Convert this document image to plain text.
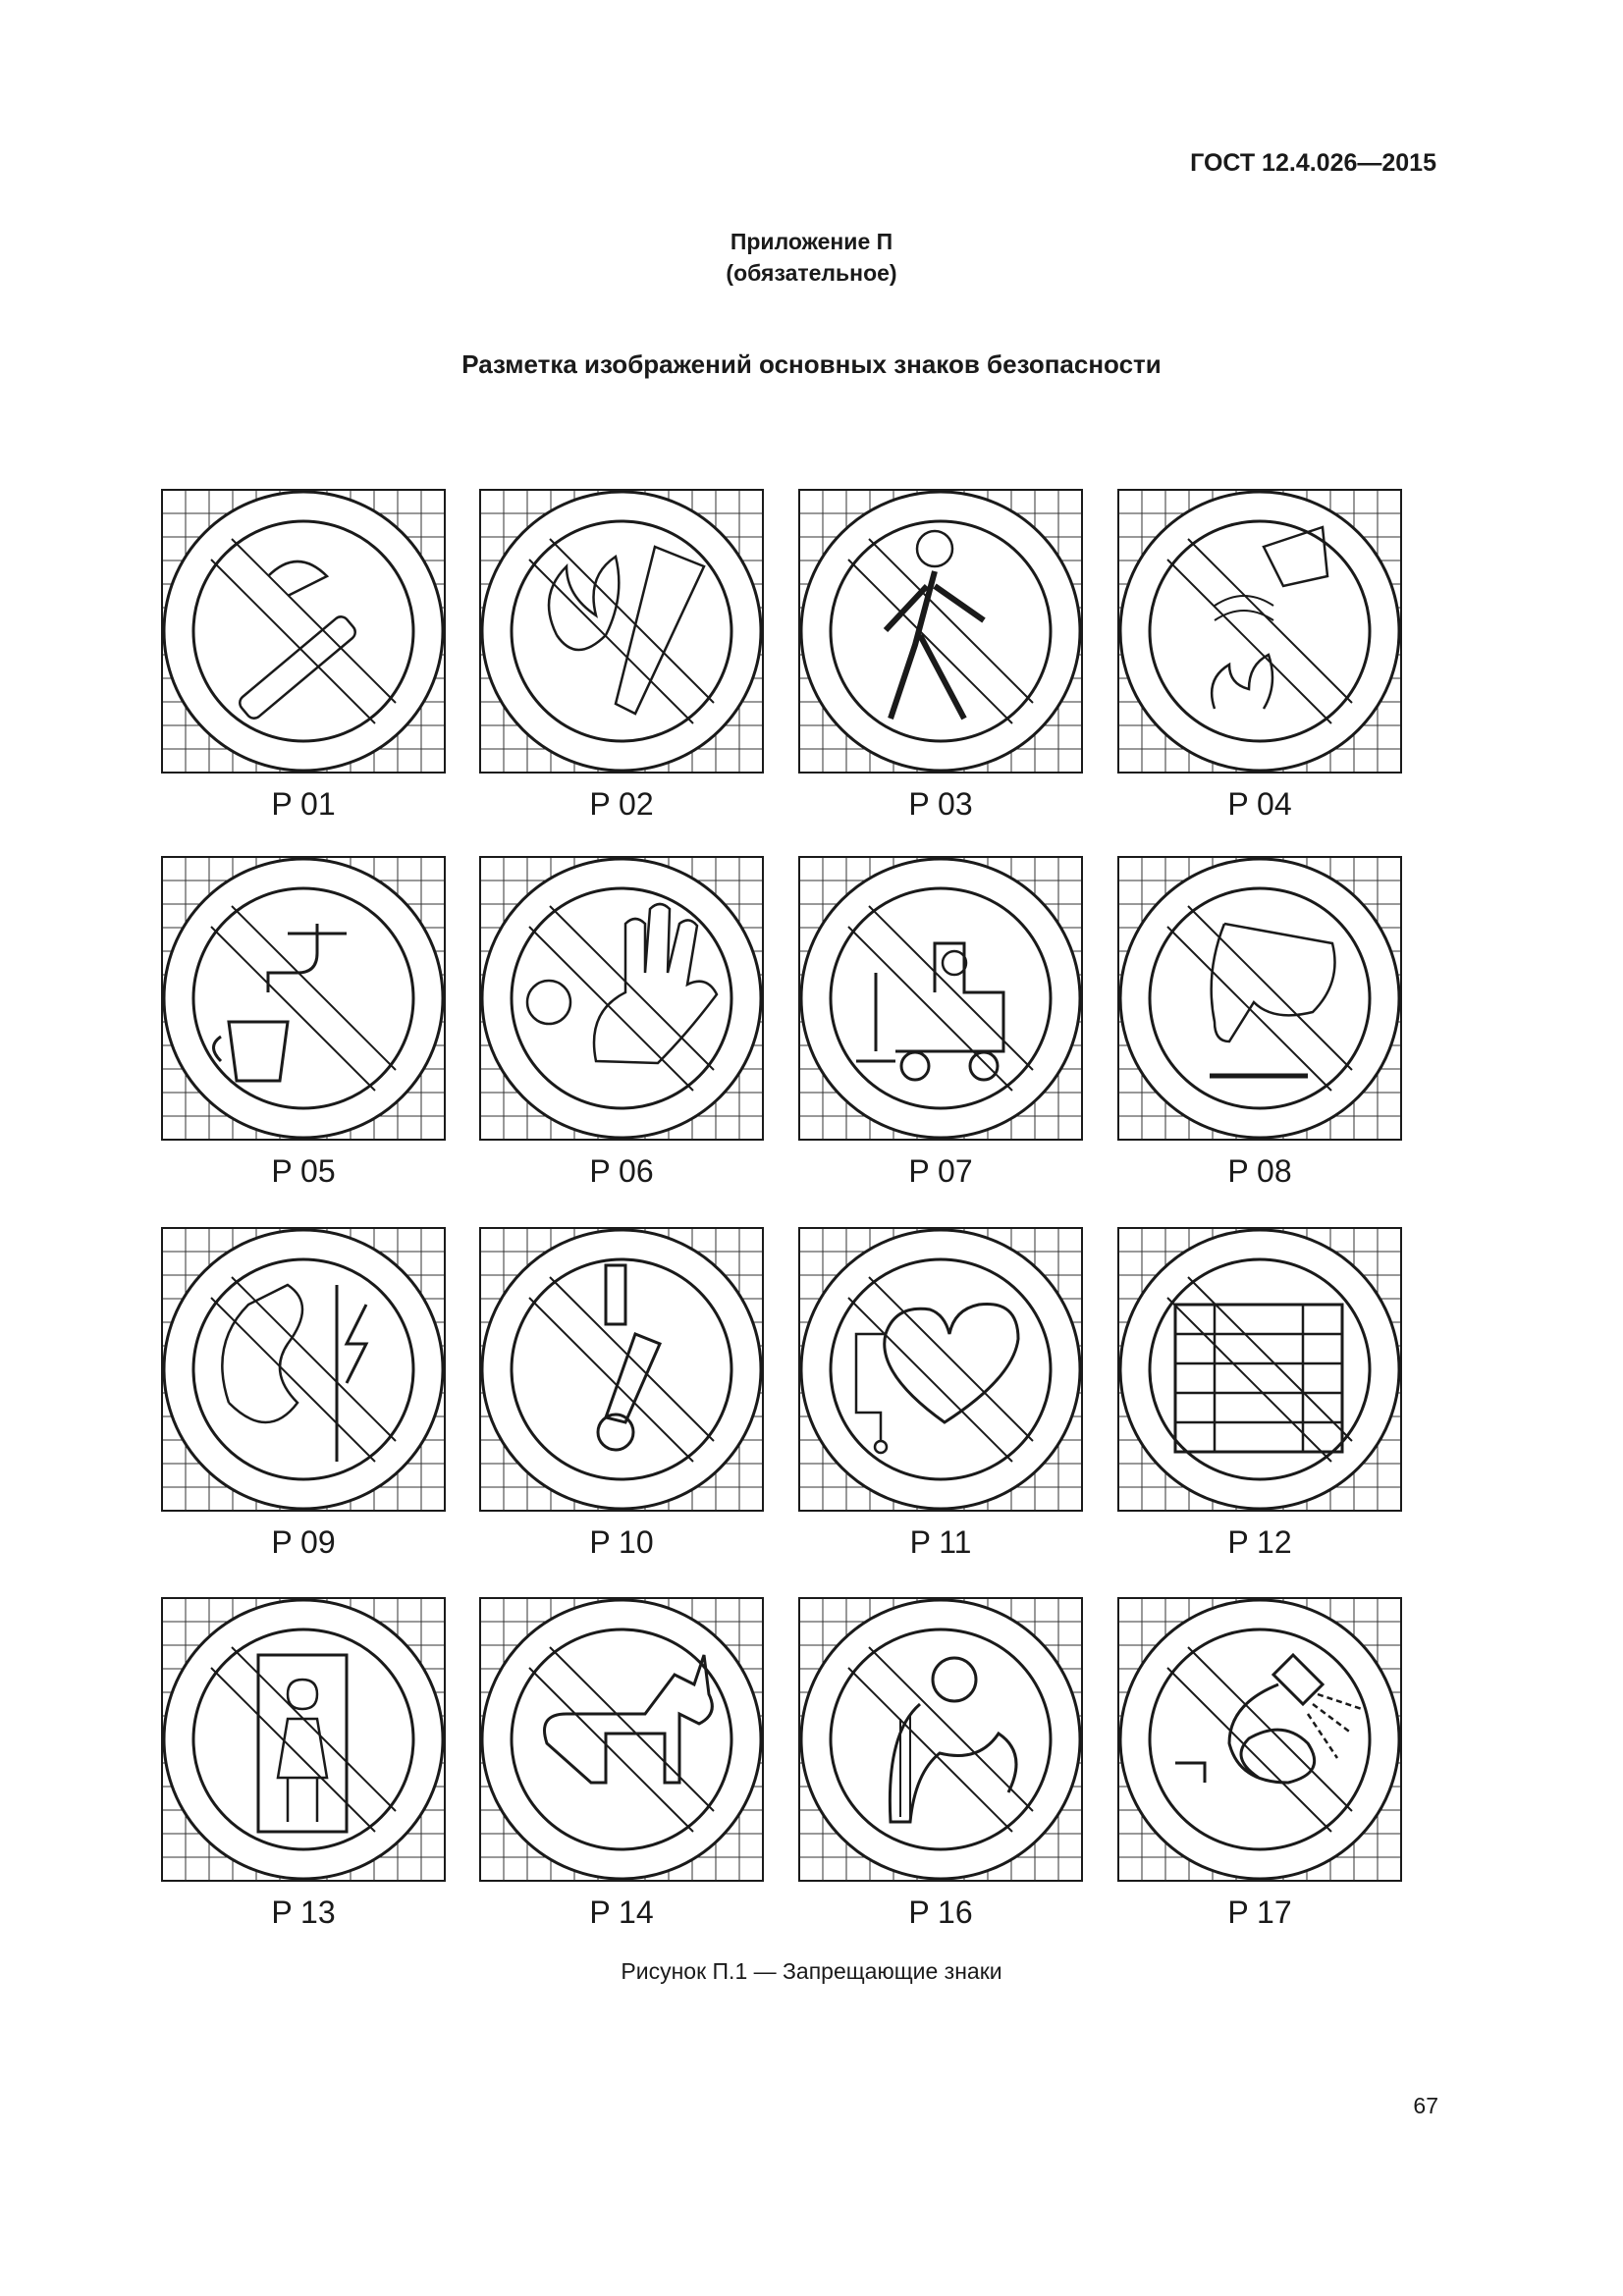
ГОСТ 12.4.026—2015
Приложение П
(обязательное)
Разметка изображений основных знаков безопасности
P 01	P 02	P 03	P 04
P 05	P 06	P 07	P 08
P 09	P 10	P 11	P 12
P 13	P 14	P 16	P 17
Рисунок П.1 — Запрещающие знаки
67
